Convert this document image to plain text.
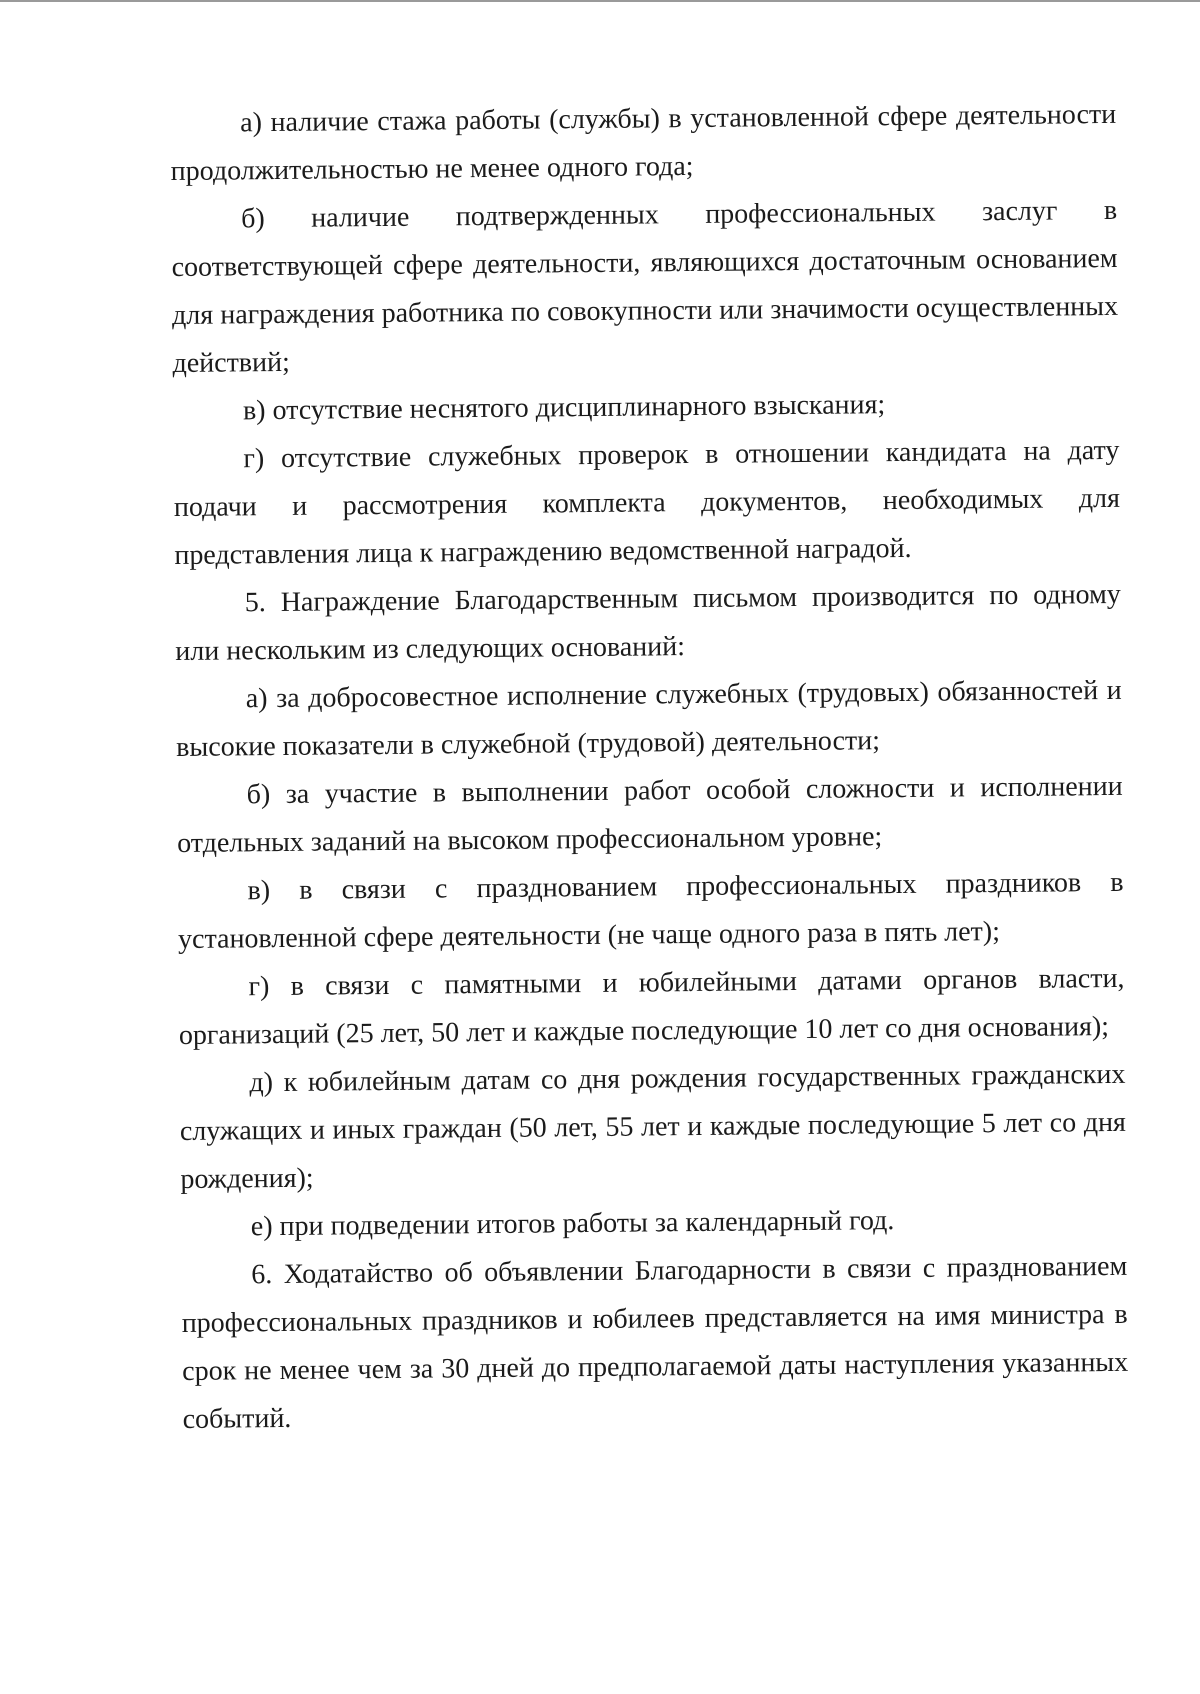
а) наличие стажа работы (службы) в установленной сфере деятельности продолжительностью не менее одного года;

б) наличие подтвержденных профессиональных заслуг в соответствующей сфере деятельности, являющихся достаточным основанием для награждения работника по совокупности или значимости осуществленных действий;

в) отсутствие неснятого дисциплинарного взыскания;

г) отсутствие служебных проверок в отношении кандидата на дату подачи и рассмотрения комплекта документов, необходимых для представления лица к награждению ведомственной наградой.

5. Награждение Благодарственным письмом производится по одному или нескольким из следующих оснований:

а) за добросовестное исполнение служебных (трудовых) обязанностей и высокие показатели в служебной (трудовой) деятельности;

б) за участие в выполнении работ особой сложности и исполнении отдельных заданий на высоком профессиональном уровне;

в) в связи с празднованием профессиональных праздников в установленной сфере деятельности (не чаще одного раза в пять лет);

г) в связи с памятными и юбилейными датами органов власти, организаций (25 лет, 50 лет и каждые последующие 10 лет со дня основания);

д) к юбилейным датам со дня рождения государственных гражданских служащих и иных граждан (50 лет, 55 лет и каждые последующие 5 лет со дня рождения);

е) при подведении итогов работы за календарный год.

6. Ходатайство об объявлении Благодарности в связи с празднованием профессиональных праздников и юбилеев представляется на имя министра в срок не менее чем за 30 дней до предполагаемой даты наступления указанных событий.
